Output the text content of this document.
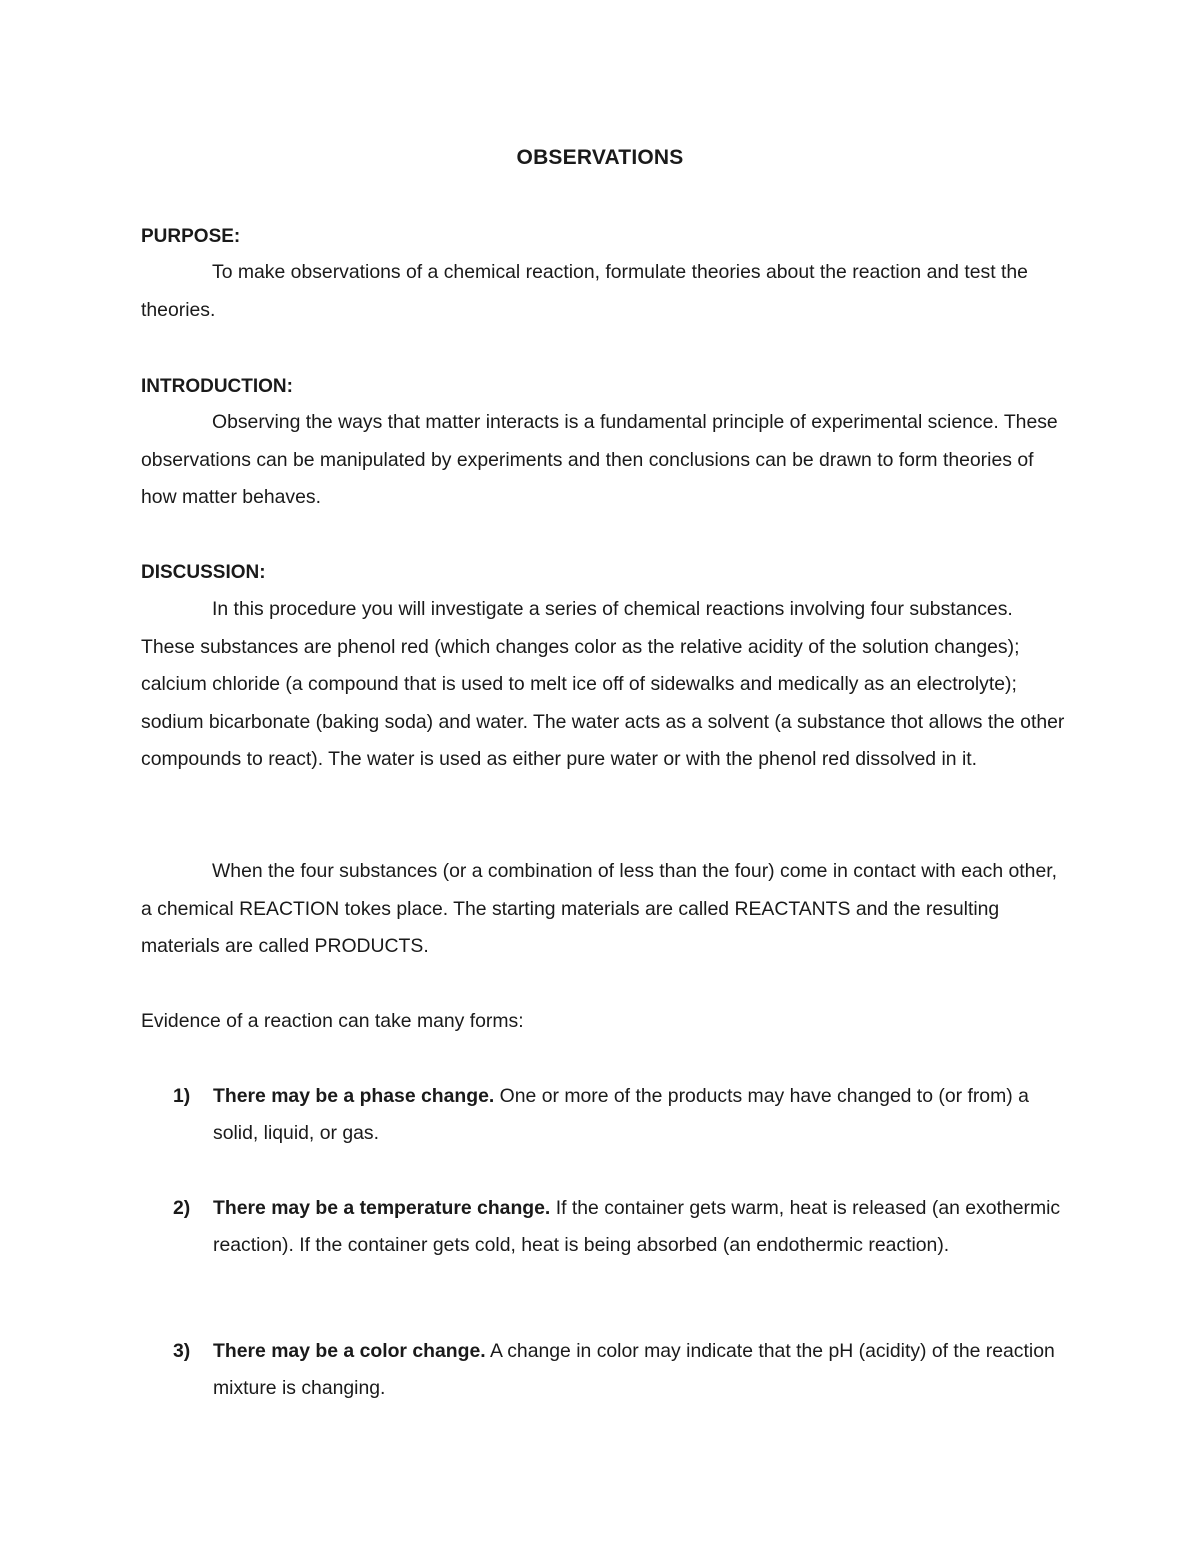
OBSERVATIONS
PURPOSE:

To make observations of a chemical reaction, formulate theories about the reaction and test the theories.

INTRODUCTION:

Observing the ways that matter interacts is a fundamental principle of experimental science. These observations can be manipulated by experiments and then conclusions can be drawn to form theories of how matter behaves.

DISCUSSION:

In this procedure you will investigate a series of chemical reactions involving four substances. These substances are phenol red (which changes color as the relative acidity of the solution changes); calcium chloride (a compound that is used to melt ice off of sidewalks and medically as an electrolyte); sodium bicarbonate (baking soda) and water. The water acts as a solvent (a substance thot allows the other compounds to react). The water is used as either pure water or with the phenol red dissolved in it.

When the four substances (or a combination of less than the four) come in contact with each other, a chemical REACTION tokes place. The starting materials are called REACTANTS and the resulting materials are called PRODUCTS.

Evidence of a reaction can take many forms:

1) There may be a phase change. One or more of the products may have changed to (or from) a solid, liquid, or gas.
2) There may be a temperature change. If the container gets warm, heat is released (an exothermic reaction). If the container gets cold, heat is being absorbed (an endothermic reaction).
3) There may be a color change. A change in color may indicate that the pH (acidity) of the reaction mixture is changing.
